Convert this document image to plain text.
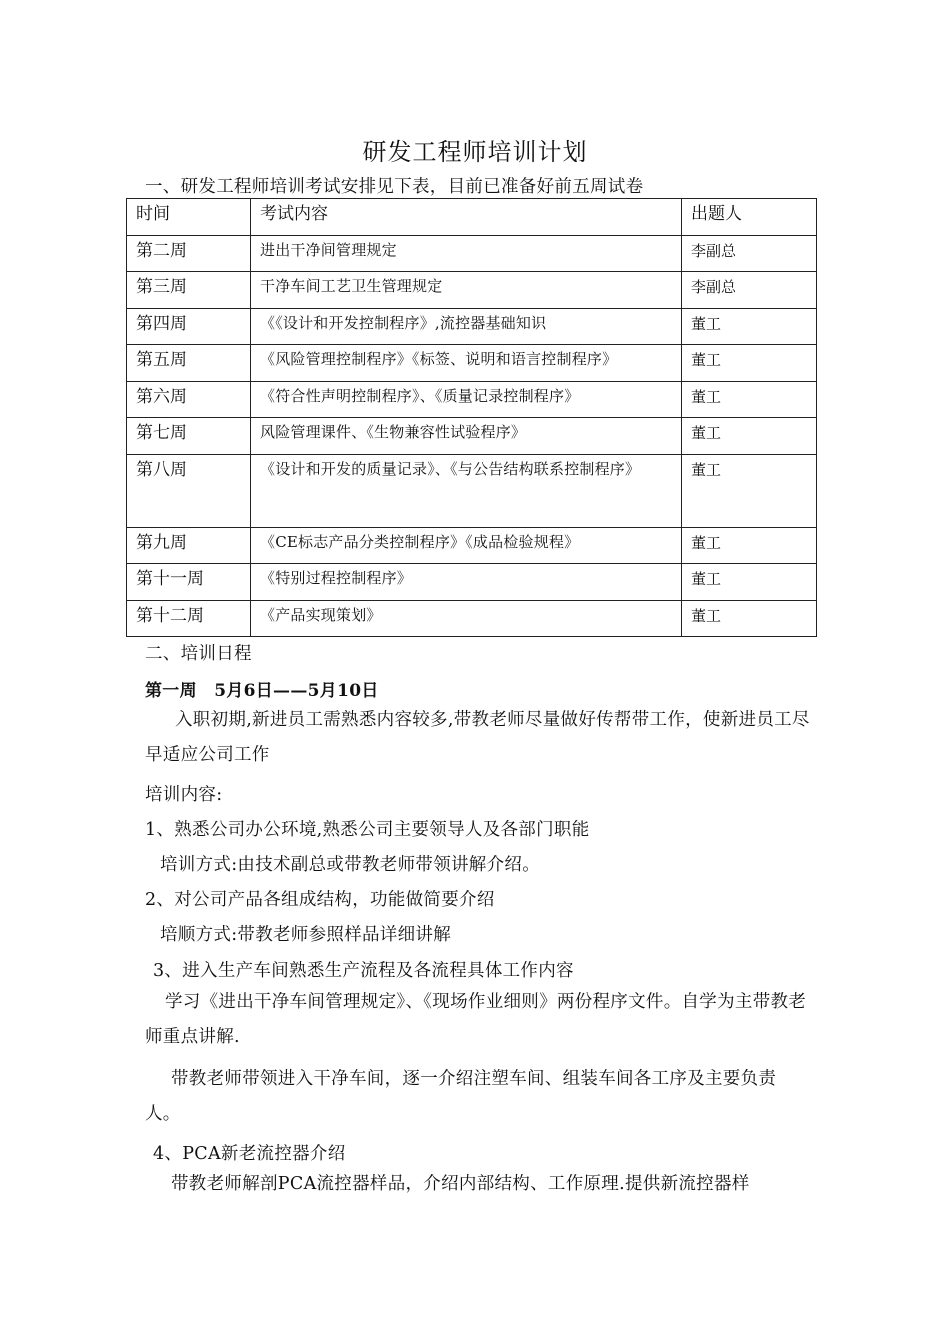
研发工程师培训计划
一、研发工程师培训考试安排见下表，目前已准备好前五周试卷
时间	考试内容	出题人
第二周	进出干净间管理规定	李副总
第三周	干净车间工艺卫生管理规定	李副总
第四周	《《设计和开发控制程序》,流控器基础知识	董工
第五周	《风险管理控制程序》《标签、说明和语言控制程序》	董工
第六周	《符合性声明控制程序》、《质量记录控制程序》	董工
第七周	风险管理课件、《生物兼容性试验程序》	董工
第八周	《设计和开发的质量记录》、《与公告结构联系控制程序》	董工
第九周	《CE标志产品分类控制程序》《成品检验规程》	董工
第十一周	《特别过程控制程序》	董工
第十二周	《产品实现策划》	董工
二、培训日程
第一周　5月6日——5月10日
入职初期,新进员工需熟悉内容较多,带教老师尽量做好传帮带工作，使新进员工尽早适应公司工作
培训内容:
1、熟悉公司办公环境,熟悉公司主要领导人及各部门职能
培训方式:由技术副总或带教老师带领讲解介绍。
2、对公司产品各组成结构，功能做简要介绍
培顺方式:带教老师参照样品详细讲解
3、进入生产车间熟悉生产流程及各流程具体工作内容
学习《进出干净车间管理规定》、《现场作业细则》两份程序文件。自学为主带教老师重点讲解.
带教老师带领进入干净车间，逐一介绍注塑车间、组装车间各工序及主要负责人。
4、PCA新老流控器介绍
带教老师解剖PCA流控器样品，介绍内部结构、工作原理.提供新流控器样
